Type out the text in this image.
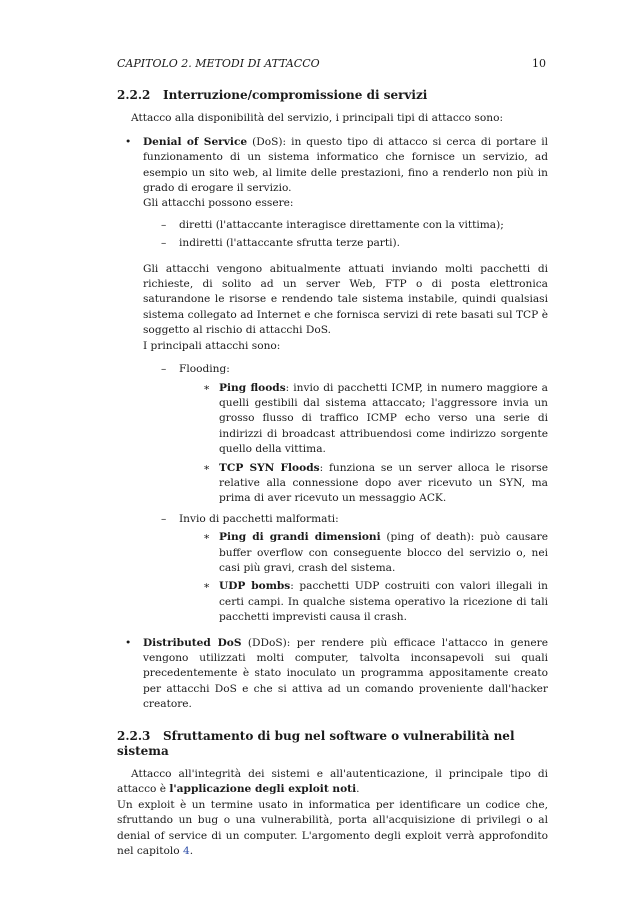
CAPITOLO 2. METODI DI ATTACCO	10
2.2.2 Interruzione/compromissione di servizi

Attacco alla disponibilità del servizio, i principali tipi di attacco sono:

•	Denial of Service (DoS): in questo tipo di attacco si cerca di portare il funzionamento di un sistema informatico che fornisce un servizio, ad esempio un sito web, al limite delle prestazioni, fino a renderlo non più in grado di erogare il servizio.

Gli attacchi possono essere:

–	diretti (l'attaccante interagisce direttamente con la vittima);
–	indiretti (l'attaccante sfrutta terze parti).

Gli attacchi vengono abitualmente attuati inviando molti pacchetti di richieste, di solito ad un server Web, FTP o di posta elettronica saturandone le risorse e rendendo tale sistema instabile, quindi qualsiasi sistema collegato ad Internet e che fornisca servizi di rete basati sul TCP è soggetto al rischio di attacchi DoS.

I principali attacchi sono:

–	Flooding:
∗ Ping floods: invio di pacchetti ICMP, in numero maggiore a quelli gestibili dal sistema attaccato; l'aggressore invia un grosso flusso di traffico ICMP echo verso una serie di indirizzi di broadcast attribuendosi come indirizzo sorgente quello della vittima.

∗ TCP SYN Floods: funziona se un server alloca le risorse relative alla connessione dopo aver ricevuto un SYN, ma prima di aver ricevuto un messaggio ACK.

–	Invio di pacchetti malformati:
∗ Ping di grandi dimensioni (ping of death): può causare buffer overflow con conseguente blocco del servizio o, nei casi più gravi, crash del sistema.

∗ UDP bombs: pacchetti UDP costruiti con valori illegali in certi campi. In qualche sistema operativo la ricezione di tali pacchetti imprevisti causa il crash.

•	Distributed DoS (DDoS): per rendere più efficace l'attacco in genere vengono utilizzati molti computer, talvolta inconsapevoli sui quali precedentemente è stato inoculato un programma appositamente creato per attacchi DoS e che si attiva ad un comando proveniente dall'hacker creatore.

2.2.3 Sfruttamento di bug nel software o vulnerabilità nel sistema

Attacco all'integrità dei sistemi e all'autenticazione, il principale tipo di attacco è l'applicazione degli exploit noti.

Un exploit è un termine usato in informatica per identificare un codice che, sfruttando un bug o una vulnerabilità, porta all'acquisizione di privilegi o al denial of service di un computer. L'argomento degli exploit verrà approfondito nel capitolo 4.
